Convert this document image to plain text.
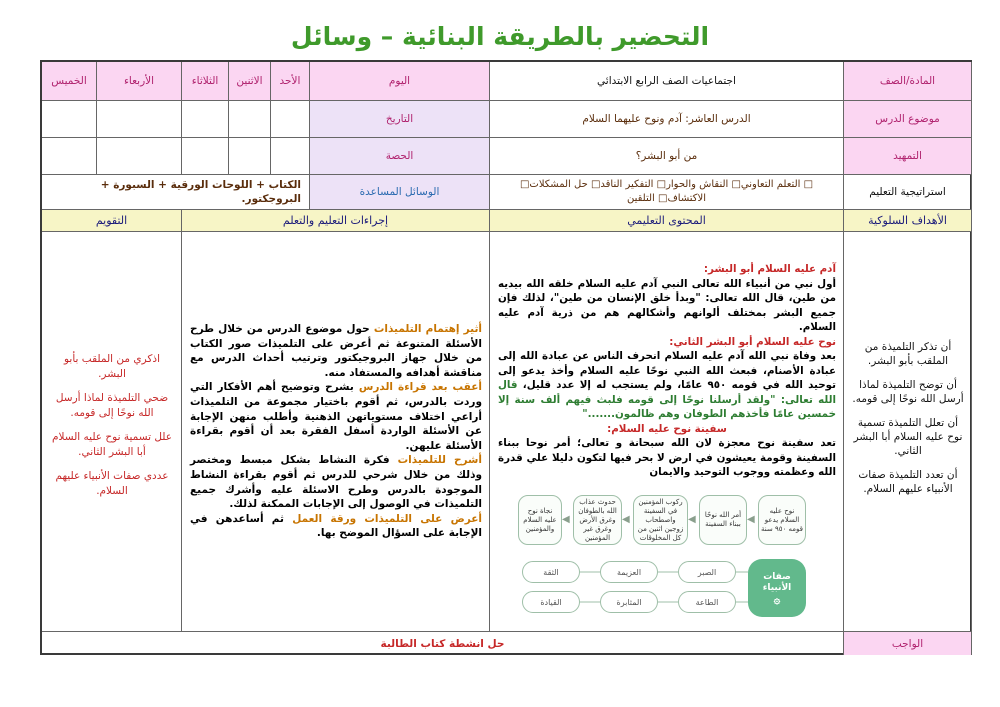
التحضير بالطريقة البنائية – وسائل
المادة/الصف
اجتماعيات الصف الرابع الابتدائي
اليوم
الأحد
الاثنين
الثلاثاء
الأربعاء
الخميس
موضوع الدرس
الدرس العاشر: آدم ونوح عليهما السلام
التاريخ
التمهيد
من أبو البشر؟
الحصة
استراتيجية التعليم
□ التعلم التعاوني□ النقاش والحوار□ التفكير الناقد□ حل المشكلات□ الاكتشاف□ التلقين
الوسائل المساعدة
الكتاب + اللوحات الورقية + السبورة + البروجكتور.
الأهداف السلوكية
المحتوى التعليمي
إجراءات التعليم والتعلم
التقويم
أن تذكر التلميذة من الملقب بأبو البشر.
أن توضح التلميذة لماذا أرسل الله نوحًا إلى قومه.
أن تعلل التلميذة تسمية نوح عليه السلام أبا البشر الثاني.
أن تعدد التلميذة صفات الأنبياء عليهم السلام.
آدم عليه السلام أبو البشر:
أول نبي من أنبياء الله تعالى النبي آدم عليه السلام خلقه الله بيديه من طين، قال الله تعالى: "وبدأ خلق الإنسان من طين"، لذلك فإن جميع البشر بمختلف ألوانهم وأشكالهم هم من ذرية آدم عليه السلام.
نوح عليه السلام أبو البشر الثاني:
بعد وفاة نبي الله آدم عليه السلام انحرف الناس عن عبادة الله إلى عبادة الأصنام، فبعث الله النبي نوحًا عليه السلام وأخذ يدعو إلى توحيد الله في قومه ٩٥٠ عامًا، ولم يستجب له إلا عدد قليل، قال الله تعالى: "ولقد أرسلنا نوحًا إلى قومه فلبث فيهم ألف سنة إلا خمسين عامًا فأخذهم الطوفان وهم ظالمون......."
سفينة نوح عليه السلام:
تعد سفينة نوح معجزة لان الله سبحانة و تعالى؛ أمر نوحا ببناء السفينة وقومة يعيشون في ارض لا بحر فيها لتكون دليلا علي قدرة الله وعظمته ووجوب التوحيد والايمان
نوح عليه السلام يدعو قومه ٩٥٠ سنة
◀
أمر الله نوحًا ببناء السفينة
◀
ركوب المؤمنين في السفينة واصطحاب زوجين اثنين من كل المخلوقات
◀
حدوث عذاب الله بالطوفان وغرق الأرض وغرق غير المؤمنين
◀
نجاة نوح عليه السلام والمؤمنين
صفات الأنبياء
۞
الصبر
العزيمة
الثقة
الطاعة
المثابرة
القيادة
أثير إهتمام التلميذات حول موضوع الدرس من خلال طرح الأسئلة المتنوعة ثم أعرض على التلميذات صور الكتاب من خلال جهاز البروجيكتور وترتيب أحداث الدرس مع مناقشة أهدافه والمستفاد منه.
أعقب بعد قراءة الدرس بشرح وتوضيح أهم الأفكار التي وردت بالدرس، ثم أقوم باختيار مجموعة من التلميذات أراعي اختلاف مستوياتهن الذهنية وأطلب منهن الإجابة عن الأسئلة الواردة أسفل الفقرة بعد أن أقوم بقراءة الأسئلة عليهن.
أشرح للتلميذات فكرة النشاط بشكل مبسط ومختصر وذلك من خلال شرحي للدرس ثم أقوم بقراءة النشاط الموجودة بالدرس وطرح الاسئلة عليه وأشرك جميع التلميذات في الوصول إلى الإجابات الممكنة لذلك.
أعرض على التلميذات ورقة العمل ثم أساعدهن في الإجابة على السؤال الموضح بها.
اذكري من الملقب بأبو البشر.
ضحي التلميذة لماذا أرسل الله نوحًا إلى قومه.
علل تسمية نوح عليه السلام أبا البشر الثاني.
عددي صفات الأنبياء عليهم السلام.
الواجب
حل انشطة كتاب الطالبة
